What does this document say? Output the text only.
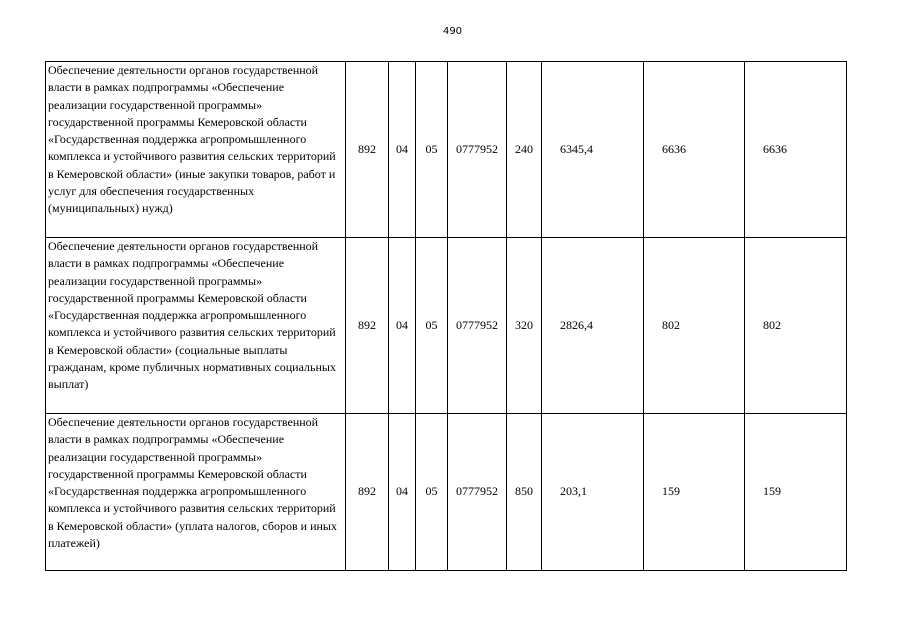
490
Обеспечение деятельности органов государственной власти в рамках подпрограммы «Обеспечение реализации государственной программы» государственной программы Кемеровской области «Государственная поддержка агропромышленного комплекса и устойчивого развития сельских территорий в Кемеровской области» (иные закупки товаров, работ и услуг для обеспечения государственных (муниципальных) нужд)	892	04	05	0777952	240	6345,4	6636	6636
Обеспечение деятельности органов государственной власти в рамках подпрограммы «Обеспечение реализации государственной программы» государственной программы Кемеровской области «Государственная поддержка агропромышленного комплекса и устойчивого развития сельских территорий в Кемеровской области» (социальные выплаты гражданам, кроме публичных нормативных социальных выплат)	892	04	05	0777952	320	2826,4	802	802
Обеспечение деятельности органов государственной власти в рамках подпрограммы «Обеспечение реализации государственной программы» государственной программы Кемеровской области «Государственная поддержка агропромышленного комплекса и устойчивого развития сельских территорий в Кемеровской области» (уплата налогов, сборов и иных платежей)	892	04	05	0777952	850	203,1	159	159
